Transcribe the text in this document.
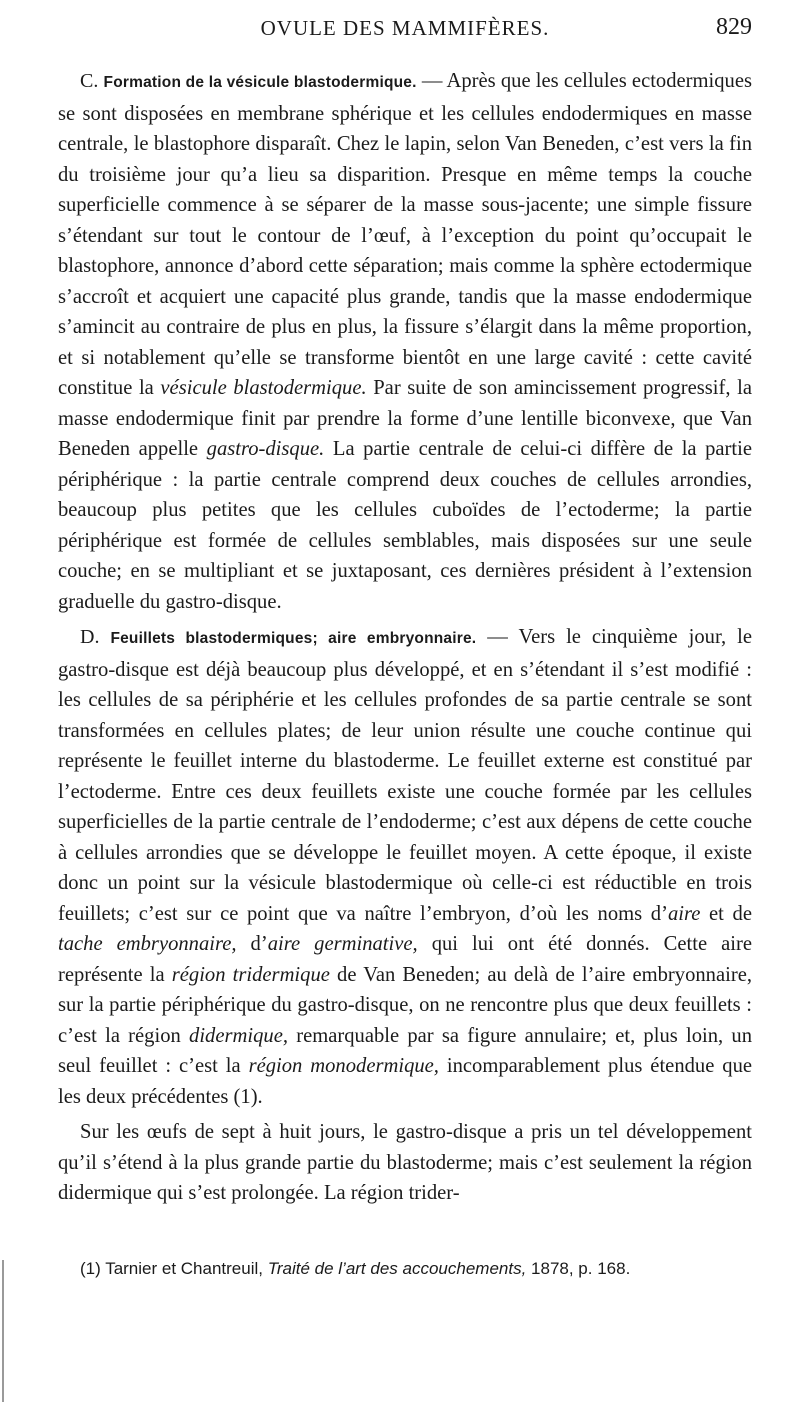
OVULE DES MAMMIFÈRES.	829

C. Formation de la vésicule blastodermique. — Après que les cellules ectodermiques se sont disposées en membrane sphérique et les cellules endodermiques en masse centrale, le blastophore disparaît. Chez le lapin, selon Van Beneden, c’est vers la fin du troisième jour qu’a lieu sa disparition. Presque en même temps la couche superficielle commence à se séparer de la masse sous-jacente; une simple fissure s’étendant sur tout le contour de l’œuf, à l’exception du point qu’occupait le blastophore, annonce d’abord cette séparation; mais comme la sphère ectodermique s’accroît et acquiert une capacité plus grande, tandis que la masse endodermique s’amincit au contraire de plus en plus, la fissure s’élargit dans la même proportion, et si notablement qu’elle se transforme bientôt en une large cavité : cette cavité constitue la vésicule blastodermique. Par suite de son amincissement progressif, la masse endodermique finit par prendre la forme d’une lentille biconvexe, que Van Beneden appelle gastro-disque. La partie centrale de celui-ci diffère de la partie périphérique : la partie centrale comprend deux couches de cellules arrondies, beaucoup plus petites que les cellules cuboïdes de l’ectoderme; la partie périphérique est formée de cellules semblables, mais disposées sur une seule couche; en se multipliant et se juxtaposant, ces dernières président à l’extension graduelle du gastro-disque.

D. Feuillets blastodermiques; aire embryonnaire. — Vers le cinquième jour, le gastro-disque est déjà beaucoup plus développé, et en s’étendant il s’est modifié : les cellules de sa périphérie et les cellules profondes de sa partie centrale se sont transformées en cellules plates; de leur union résulte une couche continue qui représente le feuillet interne du blastoderme. Le feuillet externe est constitué par l’ectoderme. Entre ces deux feuillets existe une couche formée par les cellules superficielles de la partie centrale de l’endoderme; c’est aux dépens de cette couche à cellules arrondies que se développe le feuillet moyen. A cette époque, il existe donc un point sur la vésicule blastodermique où celle-ci est réductible en trois feuillets; c’est sur ce point que va naître l’embryon, d’où les noms d’aire et de tache embryonnaire, d’aire germinative, qui lui ont été donnés. Cette aire représente la région tridermique de Van Beneden; au delà de l’aire embryonnaire, sur la partie périphérique du gastro-disque, on ne rencontre plus que deux feuillets : c’est la région didermique, remarquable par sa figure annulaire; et, plus loin, un seul feuillet : c’est la région monodermique, incomparablement plus étendue que les deux précédentes (1).

Sur les œufs de sept à huit jours, le gastro-disque a pris un tel développement qu’il s’étend à la plus grande partie du blastoderme; mais c’est seulement la région didermique qui s’est prolongée. La région trider-

(1) Tarnier et Chantreuil, Traité de l’art des accouchements, 1878, p. 168.
